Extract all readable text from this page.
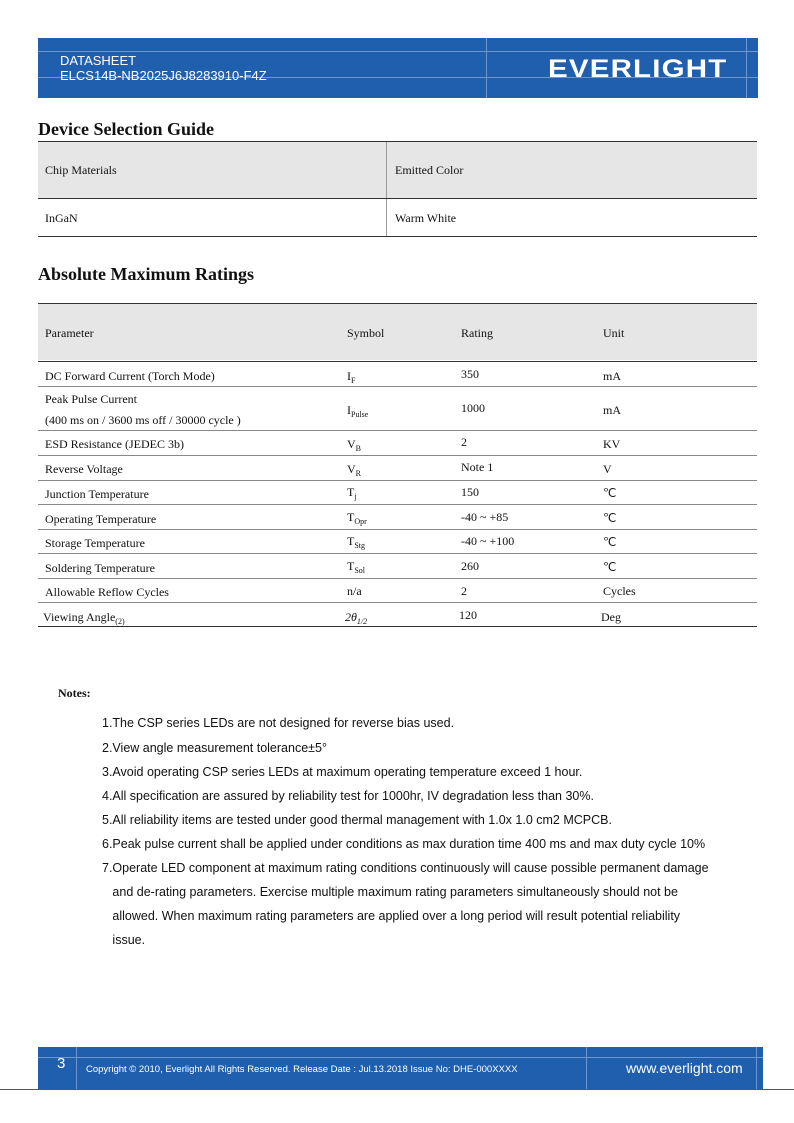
DATASHEET
ELCS14B-NB2025J6J8283910-F4Z	EVERLIGHT
Device Selection Guide
Chip Materials	Emitted Color
InGaN	Warm White
Absolute Maximum Ratings
Parameter	Symbol	Rating	Unit
DC Forward Current (Torch Mode)	$I_F$	350	mA
Peak Pulse Current
(400 ms on / 3600 ms off / 30000 cycle )
$I_{Pulse}$	1000	mA
ESD Resistance (JEDEC 3b)	$V_B$	2	KV
Reverse Voltage	$V_R$	Note 1	V
Junction Temperature	$T_j$	150	℃
Operating Temperature	$T_{Opr}$	-40 ~ +85	℃
Storage Temperature	$T_{Stg}$	-40 ~ +100	℃
Soldering Temperature	$T_{Sol}$	260	℃
Allowable Reflow Cycles	n/a	2	Cycles
Viewing Angle$_{(2)}$	$2\theta_{1/2}$	120	Deg
Notes:
1.The CSP series LEDs are not designed for reverse bias used.
2.View angle measurement tolerance±5°
3.Avoid operating CSP series LEDs at maximum operating temperature exceed 1 hour.
4.All specification are assured by reliability test for 1000hr, IV degradation less than 30%.
5.All reliability items are tested under good thermal management with 1.0x 1.0 cm2 MCPCB.
6.Peak pulse current shall be applied under conditions as max duration time 400 ms and max duty cycle 10%
7.Operate LED component at maximum rating conditions continuously will cause possible permanent damage
and de-rating parameters. Exercise multiple maximum rating parameters simultaneously should not be
allowed. When maximum rating parameters are applied over a long period will result potential reliability
issue.
3 Copyright © 2010, Everlight All Rights Reserved. Release Date : Jul.13.2018 Issue No: DHE-000XXXX	www.everlight.com
